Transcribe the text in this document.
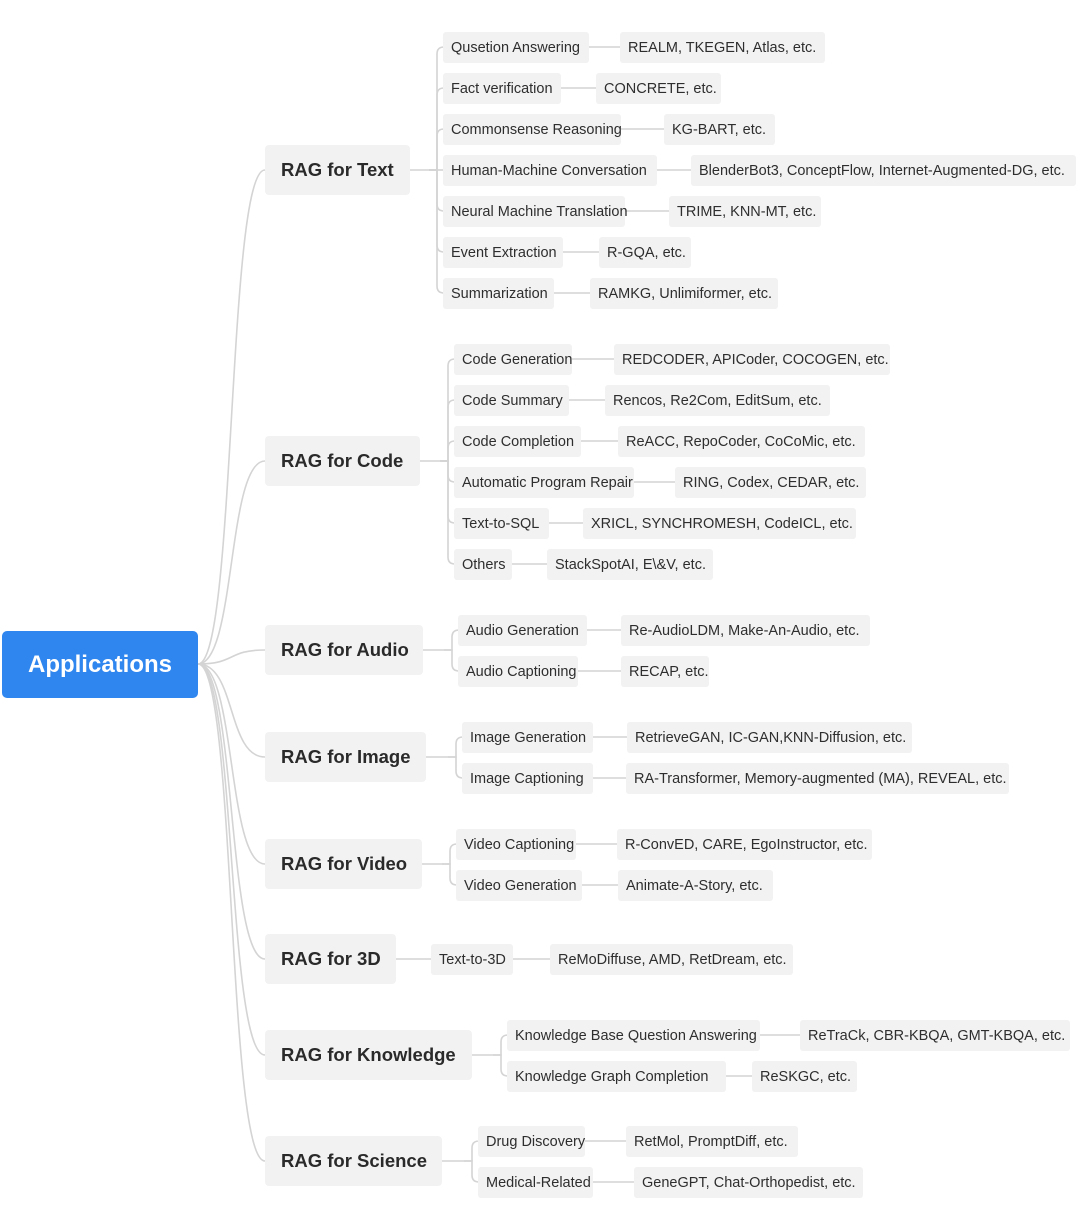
Applications
RAG for Text
Qusetion Answering	REALM, TKEGEN, Atlas, etc.
Fact verification	CONCRETE, etc.
Commonsense Reasoning	KG-BART, etc.
Human-Machine Conversation	BlenderBot3, ConceptFlow, Internet-Augmented-DG, etc.
Neural Machine Translation	TRIME, KNN-MT, etc.
Event Extraction	R-GQA, etc.
Summarization	RAMKG, Unlimiformer, etc.
RAG for Code
Code Generation	REDCODER, APICoder, COCOGEN, etc.
Code Summary	Rencos, Re2Com, EditSum, etc.
Code Completion	ReACC, RepoCoder, CoCoMic, etc.
Automatic Program Repair	RING, Codex, CEDAR, etc.
Text-to-SQL	XRICL, SYNCHROMESH, CodeICL, etc.
Others	StackSpotAI, E\&V, etc.
RAG for Audio
Audio Generation	Re-AudioLDM, Make-An-Audio, etc.
Audio Captioning	RECAP, etc.
RAG for Image
Image Generation	RetrieveGAN, IC-GAN,KNN-Diffusion, etc.
Image Captioning	RA-Transformer, Memory-augmented (MA), REVEAL, etc.
RAG for Video
Video Captioning	R-ConvED, CARE, EgoInstructor, etc.
Video Generation	Animate-A-Story, etc.
RAG for 3D	Text-to-3D	ReMoDiffuse, AMD, RetDream, etc.
RAG for Knowledge
Knowledge Base Question Answering	ReTraCk, CBR-KBQA, GMT-KBQA, etc.
Knowledge Graph Completion	ReSKGC, etc.
RAG for Science
Drug Discovery	RetMol, PromptDiff, etc.
Medical-Related	GeneGPT, Chat-Orthopedist, etc.
